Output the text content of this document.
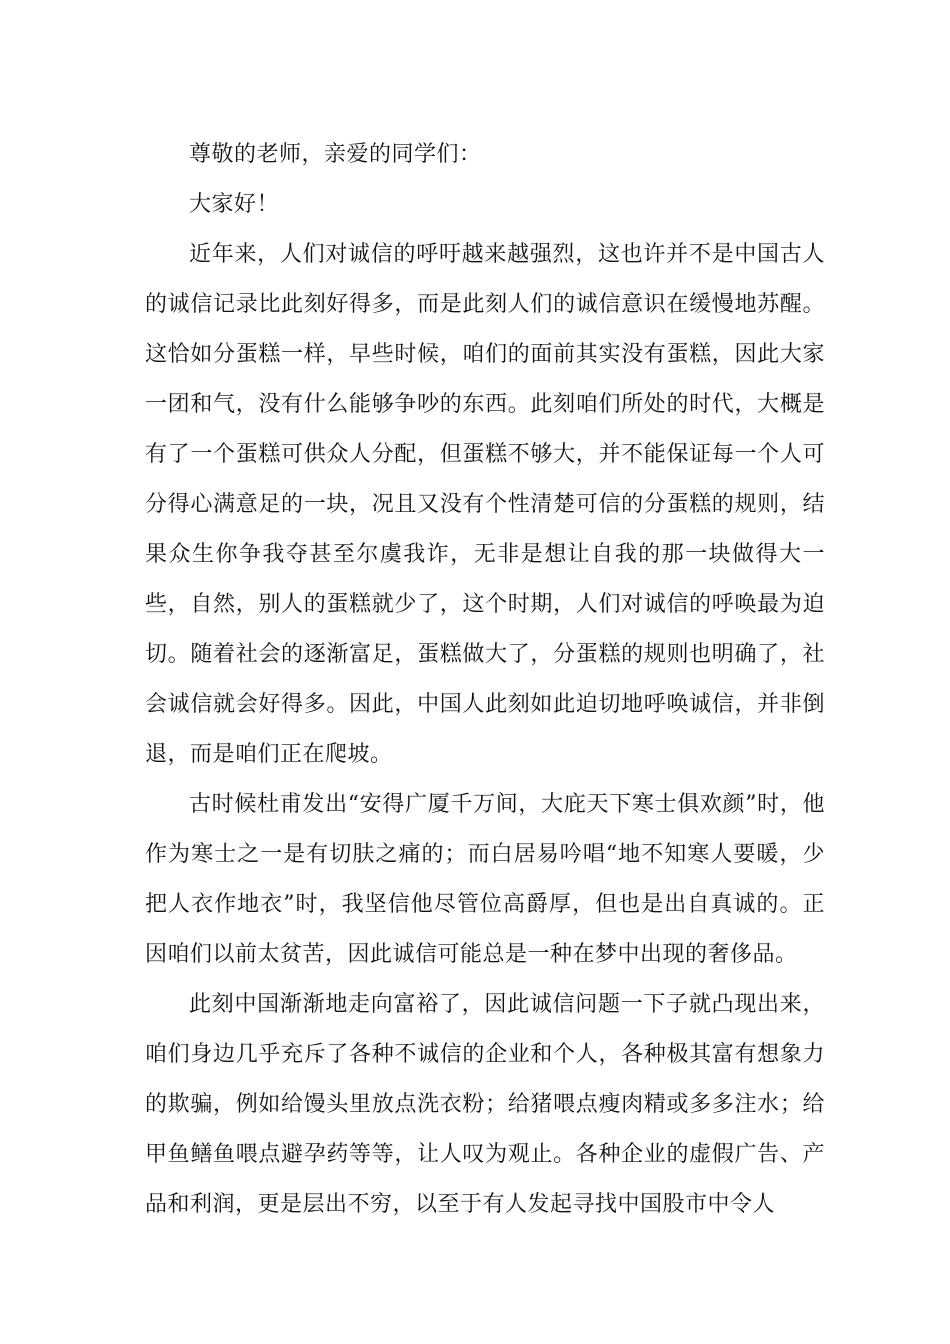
尊敬的老师，亲爱的同学们：

大家好！

近年来，人们对诚信的呼吁越来越强烈，这也许并不是中国古人的诚信记录比此刻好得多，而是此刻人们的诚信意识在缓慢地苏醒。这恰如分蛋糕一样，早些时候，咱们的面前其实没有蛋糕，因此大家一团和气，没有什么能够争吵的东西。此刻咱们所处的时代，大概是有了一个蛋糕可供众人分配，但蛋糕不够大，并不能保证每一个人可分得心满意足的一块，况且又没有个性清楚可信的分蛋糕的规则，结果众生你争我夺甚至尔虞我诈，无非是想让自我的那一块做得大一些，自然，别人的蛋糕就少了，这个时期，人们对诚信的呼唤最为迫切。随着社会的逐渐富足，蛋糕做大了，分蛋糕的规则也明确了，社会诚信就会好得多。因此，中国人此刻如此迫切地呼唤诚信，并非倒退，而是咱们正在爬坡。

古时候杜甫发出“安得广厦千万间，大庇天下寒士俱欢颜”时，他作为寒士之一是有切肤之痛的；而白居易吟唱“地不知寒人要暖，少把人衣作地衣”时，我坚信他尽管位高爵厚，但也是出自真诚的。正因咱们以前太贫苦，因此诚信可能总是一种在梦中出现的奢侈品。

此刻中国渐渐地走向富裕了，因此诚信问题一下子就凸现出来，咱们身边几乎充斥了各种不诚信的企业和个人，各种极其富有想象力的欺骗，例如给馒头里放点洗衣粉；给猪喂点瘦肉精或多多注水；给甲鱼鳝鱼喂点避孕药等等，让人叹为观止。各种企业的虚假广告、产品和利润，更是层出不穷，以至于有人发起寻找中国股市中令人
